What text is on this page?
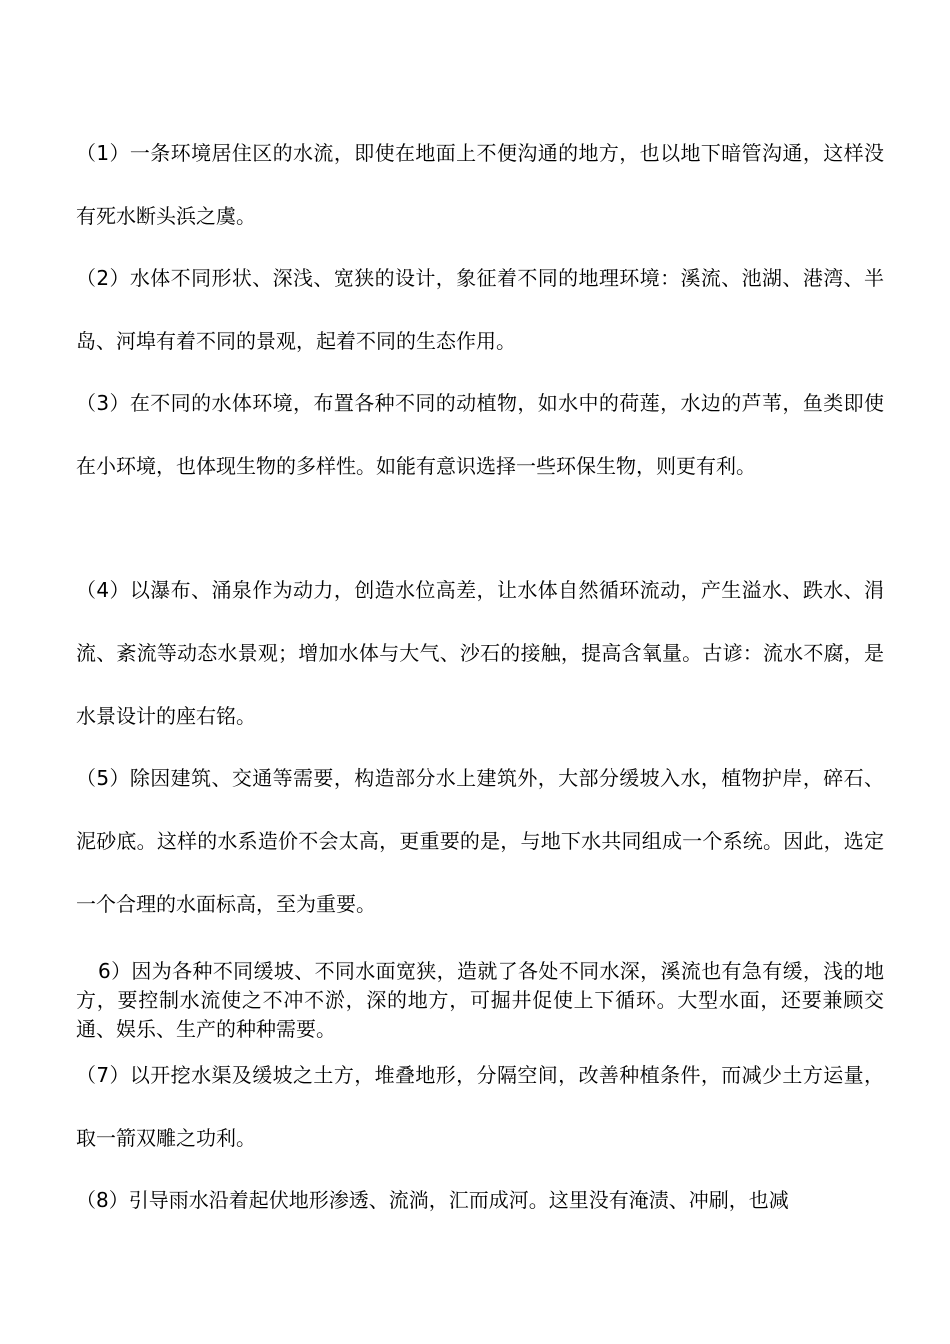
（1）一条环境居住区的水流，即使在地面上不便沟通的地方，也以地下暗管沟通，这样没有死水断头浜之虞。

（2）水体不同形状、深浅、宽狭的设计，象征着不同的地理环境：溪流、池湖、港湾、半岛、河埠有着不同的景观，起着不同的生态作用。

（3）在不同的水体环境，布置各种不同的动植物，如水中的荷莲，水边的芦苇，鱼类即使在小环境，也体现生物的多样性。如能有意识选择一些环保生物，则更有利。

（4）以瀑布、涌泉作为动力，创造水位高差，让水体自然循环流动，产生溢水、跌水、涓流、紊流等动态水景观；增加水体与大气、沙石的接触，提高含氧量。古谚：流水不腐，是水景设计的座右铭。

（5）除因建筑、交通等需要，构造部分水上建筑外，大部分缓坡入水，植物护岸，碎石、泥砂底。这样的水系造价不会太高，更重要的是，与地下水共同组成一个系统。因此，选定一个合理的水面标高，至为重要。

6）因为各种不同缓坡、不同水面宽狭，造就了各处不同水深，溪流也有急有缓，浅的地方，要控制水流使之不冲不淤，深的地方，可掘井促使上下循环。大型水面，还要兼顾交通、娱乐、生产的种种需要。

（7）以开挖水渠及缓坡之土方，堆叠地形，分隔空间，改善种植条件，而减少土方运量，取一箭双雕之功利。

（8）引导雨水沿着起伏地形渗透、流淌，汇而成河。这里没有淹渍、冲刷，也减
